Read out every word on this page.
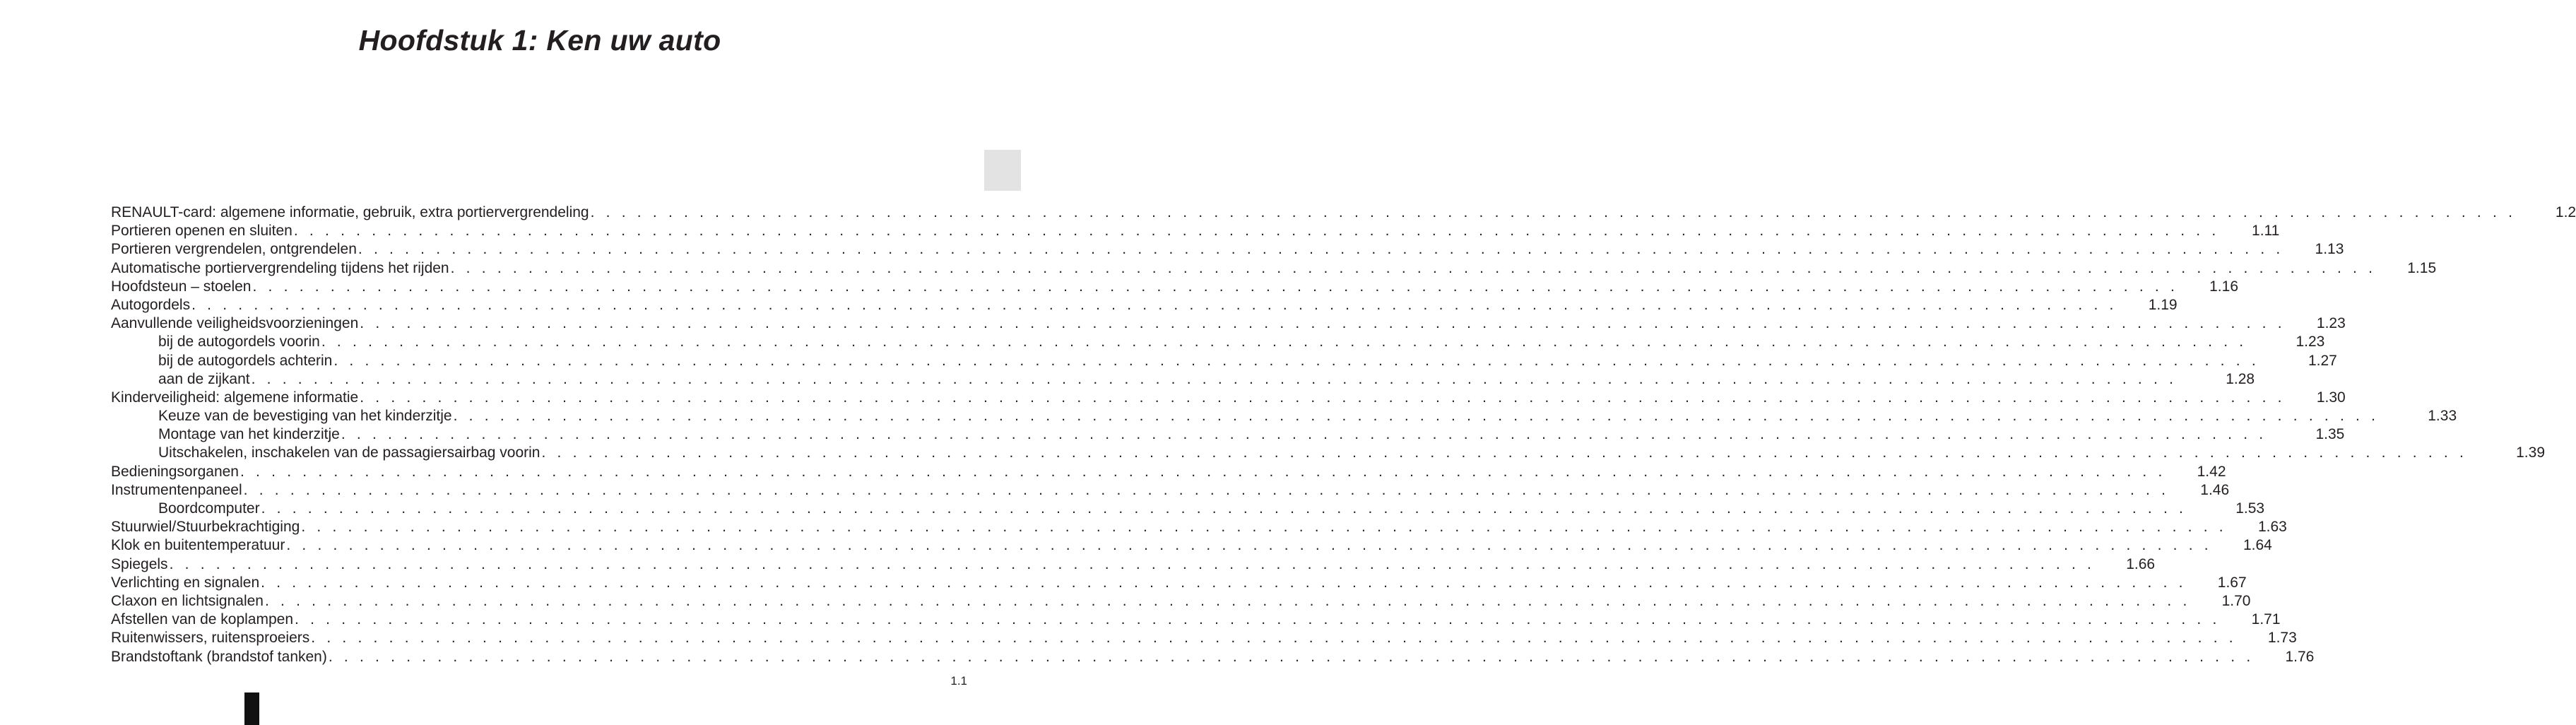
Hoofdstuk 1: Ken uw auto
RENAULT-card: algemene informatie, gebruik, extra portiervergrendeling . . . . . . . . . . . . . . . . . . . . . . . . . . . . . . . . . . . . . . . . . . . . . . . . . . . . . . . . . . . . . . . . . . . . . . . . . . . . . . . . . . . . . . . . . . . . . . . . . . . . . . . . . . . . . . . . . . . . . . . . . . . .	1.2
Portieren openen en sluiten . . . . . . . . . . . . . . . . . . . . . . . . . . . . . . . . . . . . . . . . . . . . . . . . . . . . . . . . . . . . . . . . . . . . . . . . . . . . . . . . . . . . . . . . . . . . . . . . . . . . . . . . . . . . . . . . . . . . . . . . . . . .	1.11
Portieren vergrendelen, ontgrendelen . . . . . . . . . . . . . . . . . . . . . . . . . . . . . . . . . . . . . . . . . . . . . . . . . . . . . . . . . . . . . . . . . . . . . . . . . . . . . . . . . . . . . . . . . . . . . . . . . . . . . . . . . . . . . . . . . . . . . . . . . . . .	1.13
Automatische portiervergrendeling tijdens het rijden . . . . . . . . . . . . . . . . . . . . . . . . . . . . . . . . . . . . . . . . . . . . . . . . . . . . . . . . . . . . . . . . . . . . . . . . . . . . . . . . . . . . . . . . . . . . . . . . . . . . . . . . . . . . . . . . . . . . . . . . . . . .	1.15
Hoofdsteun – stoelen . . . . . . . . . . . . . . . . . . . . . . . . . . . . . . . . . . . . . . . . . . . . . . . . . . . . . . . . . . . . . . . . . . . . . . . . . . . . . . . . . . . . . . . . . . . . . . . . . . . . . . . . . . . . . . . . . . . . . . . . . . . .	1.16
Autogordels . . . . . . . . . . . . . . . . . . . . . . . . . . . . . . . . . . . . . . . . . . . . . . . . . . . . . . . . . . . . . . . . . . . . . . . . . . . . . . . . . . . . . . . . . . . . . . . . . . . . . . . . . . . . . . . . . . . . . . . . . . . .	1.19
Aanvullende veiligheidsvoorzieningen . . . . . . . . . . . . . . . . . . . . . . . . . . . . . . . . . . . . . . . . . . . . . . . . . . . . . . . . . . . . . . . . . . . . . . . . . . . . . . . . . . . . . . . . . . . . . . . . . . . . . . . . . . . . . . . . . . . . . . . . . . . .	1.23
bij de autogordels voorin . . . . . . . . . . . . . . . . . . . . . . . . . . . . . . . . . . . . . . . . . . . . . . . . . . . . . . . . . . . . . . . . . . . . . . . . . . . . . . . . . . . . . . . . . . . . . . . . . . . . . . . . . . . . . . . . . . . . . . . . . . . .	1.23
bij de autogordels achterin . . . . . . . . . . . . . . . . . . . . . . . . . . . . . . . . . . . . . . . . . . . . . . . . . . . . . . . . . . . . . . . . . . . . . . . . . . . . . . . . . . . . . . . . . . . . . . . . . . . . . . . . . . . . . . . . . . . . . . . . . . . .	1.27
aan de zijkant . . . . . . . . . . . . . . . . . . . . . . . . . . . . . . . . . . . . . . . . . . . . . . . . . . . . . . . . . . . . . . . . . . . . . . . . . . . . . . . . . . . . . . . . . . . . . . . . . . . . . . . . . . . . . . . . . . . . . . . . . . . .	1.28
Kinderveiligheid: algemene informatie . . . . . . . . . . . . . . . . . . . . . . . . . . . . . . . . . . . . . . . . . . . . . . . . . . . . . . . . . . . . . . . . . . . . . . . . . . . . . . . . . . . . . . . . . . . . . . . . . . . . . . . . . . . . . . . . . . . . . . . . . . . .	1.30
Keuze van de bevestiging van het kinderzitje . . . . . . . . . . . . . . . . . . . . . . . . . . . . . . . . . . . . . . . . . . . . . . . . . . . . . . . . . . . . . . . . . . . . . . . . . . . . . . . . . . . . . . . . . . . . . . . . . . . . . . . . . . . . . . . . . . . . . . . . . . . .	1.33
Montage van het kinderzitje . . . . . . . . . . . . . . . . . . . . . . . . . . . . . . . . . . . . . . . . . . . . . . . . . . . . . . . . . . . . . . . . . . . . . . . . . . . . . . . . . . . . . . . . . . . . . . . . . . . . . . . . . . . . . . . . . . . . . . . . . . . .	1.35
Uitschakelen, inschakelen van de passagiersairbag voorin . . . . . . . . . . . . . . . . . . . . . . . . . . . . . . . . . . . . . . . . . . . . . . . . . . . . . . . . . . . . . . . . . . . . . . . . . . . . . . . . . . . . . . . . . . . . . . . . . . . . . . . . . . . . . . . . . . . . . . . . . . . .	1.39
Bedieningsorganen . . . . . . . . . . . . . . . . . . . . . . . . . . . . . . . . . . . . . . . . . . . . . . . . . . . . . . . . . . . . . . . . . . . . . . . . . . . . . . . . . . . . . . . . . . . . . . . . . . . . . . . . . . . . . . . . . . . . . . . . . . . .	1.42
Instrumentenpaneel . . . . . . . . . . . . . . . . . . . . . . . . . . . . . . . . . . . . . . . . . . . . . . . . . . . . . . . . . . . . . . . . . . . . . . . . . . . . . . . . . . . . . . . . . . . . . . . . . . . . . . . . . . . . . . . . . . . . . . . . . . . .	1.46
Boordcomputer . . . . . . . . . . . . . . . . . . . . . . . . . . . . . . . . . . . . . . . . . . . . . . . . . . . . . . . . . . . . . . . . . . . . . . . . . . . . . . . . . . . . . . . . . . . . . . . . . . . . . . . . . . . . . . . . . . . . . . . . . . . .	1.53
Stuurwiel/Stuurbekrachtiging . . . . . . . . . . . . . . . . . . . . . . . . . . . . . . . . . . . . . . . . . . . . . . . . . . . . . . . . . . . . . . . . . . . . . . . . . . . . . . . . . . . . . . . . . . . . . . . . . . . . . . . . . . . . . . . . . . . . . . . . . . . .	1.63
Klok en buitentemperatuur . . . . . . . . . . . . . . . . . . . . . . . . . . . . . . . . . . . . . . . . . . . . . . . . . . . . . . . . . . . . . . . . . . . . . . . . . . . . . . . . . . . . . . . . . . . . . . . . . . . . . . . . . . . . . . . . . . . . . . . . . . . .	1.64
Spiegels . . . . . . . . . . . . . . . . . . . . . . . . . . . . . . . . . . . . . . . . . . . . . . . . . . . . . . . . . . . . . . . . . . . . . . . . . . . . . . . . . . . . . . . . . . . . . . . . . . . . . . . . . . . . . . . . . . . . . . . . . . . .	1.66
Verlichting en signalen . . . . . . . . . . . . . . . . . . . . . . . . . . . . . . . . . . . . . . . . . . . . . . . . . . . . . . . . . . . . . . . . . . . . . . . . . . . . . . . . . . . . . . . . . . . . . . . . . . . . . . . . . . . . . . . . . . . . . . . . . . . .	1.67
Claxon en lichtsignalen . . . . . . . . . . . . . . . . . . . . . . . . . . . . . . . . . . . . . . . . . . . . . . . . . . . . . . . . . . . . . . . . . . . . . . . . . . . . . . . . . . . . . . . . . . . . . . . . . . . . . . . . . . . . . . . . . . . . . . . . . . . .	1.70
Afstellen van de koplampen . . . . . . . . . . . . . . . . . . . . . . . . . . . . . . . . . . . . . . . . . . . . . . . . . . . . . . . . . . . . . . . . . . . . . . . . . . . . . . . . . . . . . . . . . . . . . . . . . . . . . . . . . . . . . . . . . . . . . . . . . . . .	1.71
Ruitenwissers, ruitensproeiers . . . . . . . . . . . . . . . . . . . . . . . . . . . . . . . . . . . . . . . . . . . . . . . . . . . . . . . . . . . . . . . . . . . . . . . . . . . . . . . . . . . . . . . . . . . . . . . . . . . . . . . . . . . . . . . . . . . . . . . . . . . .	1.73
Brandstoftank (brandstof tanken) . . . . . . . . . . . . . . . . . . . . . . . . . . . . . . . . . . . . . . . . . . . . . . . . . . . . . . . . . . . . . . . . . . . . . . . . . . . . . . . . . . . . . . . . . . . . . . . . . . . . . . . . . . . . . . . . . . . . . . . . . . . .	1.76
1.1
